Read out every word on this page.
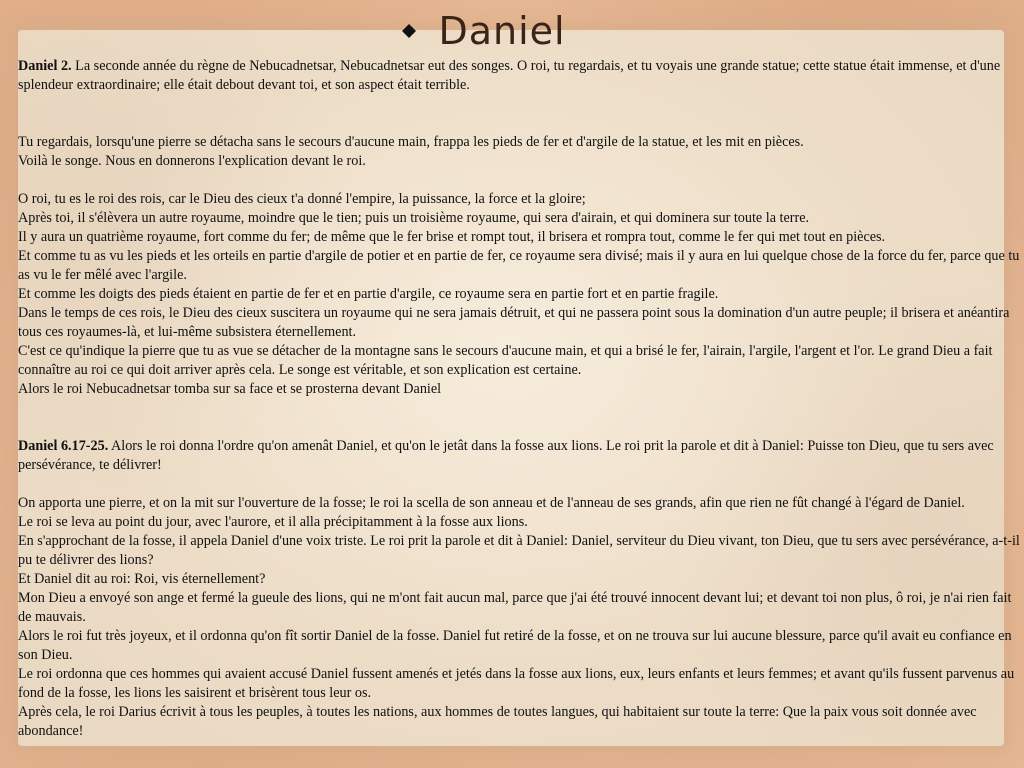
Daniel

Daniel 2. La seconde année du règne de Nebucadnetsar, Nebucadnetsar eut des songes. O roi, tu regardais, et tu voyais une grande statue; cette statue était immense, et d'une splendeur extraordinaire; elle était debout devant toi, et son aspect était terrible.

Tu regardais, lorsqu'une pierre se détacha sans le secours d'aucune main, frappa les pieds de fer et d'argile de la statue, et les mit en pièces.

Voilà le songe. Nous en donnerons l'explication devant le roi.

O roi, tu es le roi des rois, car le Dieu des cieux t'a donné l'empire, la puissance, la force et la gloire;

Après toi, il s'élèvera un autre royaume, moindre que le tien; puis un troisième royaume, qui sera d'airain, et qui dominera sur toute la terre.

Il y aura un quatrième royaume, fort comme du fer; de même que le fer brise et rompt tout, il brisera et rompra tout, comme le fer qui met tout en pièces.

Et comme tu as vu les pieds et les orteils en partie d'argile de potier et en partie de fer, ce royaume sera divisé; mais il y aura en lui quelque chose de la force du fer, parce que tu as vu le fer mêlé avec l'argile.

Et comme les doigts des pieds étaient en partie de fer et en partie d'argile, ce royaume sera en partie fort et en partie fragile.

Dans le temps de ces rois, le Dieu des cieux suscitera un royaume qui ne sera jamais détruit, et qui ne passera point sous la domination d'un autre peuple; il brisera et anéantira tous ces royaumes-là, et lui-même subsistera éternellement.

C'est ce qu'indique la pierre que tu as vue se détacher de la montagne sans le secours d'aucune main, et qui a brisé le fer, l'airain, l'argile, l'argent et l'or. Le grand Dieu a fait connaître au roi ce qui doit arriver après cela. Le songe est véritable, et son explication est certaine.

Alors le roi Nebucadnetsar tomba sur sa face et se prosterna devant Daniel

Daniel 6.17-25. Alors le roi donna l'ordre qu'on amenât Daniel, et qu'on le jetât dans la fosse aux lions. Le roi prit la parole et dit à Daniel: Puisse ton Dieu, que tu sers avec persévérance, te délivrer!

On apporta une pierre, et on la mit sur l'ouverture de la fosse; le roi la scella de son anneau et de l'anneau de ses grands, afin que rien ne fût changé à l'égard de Daniel.

Le roi se leva au point du jour, avec l'aurore, et il alla précipitamment à la fosse aux lions.

En s'approchant de la fosse, il appela Daniel d'une voix triste. Le roi prit la parole et dit à Daniel: Daniel, serviteur du Dieu vivant, ton Dieu, que tu sers avec persévérance, a-t-il pu te délivrer des lions?

Et Daniel dit au roi: Roi, vis éternellement?

Mon Dieu a envoyé son ange et fermé la gueule des lions, qui ne m'ont fait aucun mal, parce que j'ai été trouvé innocent devant lui; et devant toi non plus, ô roi, je n'ai rien fait de mauvais.

Alors le roi fut très joyeux, et il ordonna qu'on fît sortir Daniel de la fosse. Daniel fut retiré de la fosse, et on ne trouva sur lui aucune blessure, parce qu'il avait eu confiance en son Dieu.

Le roi ordonna que ces hommes qui avaient accusé Daniel fussent amenés et jetés dans la fosse aux lions, eux, leurs enfants et leurs femmes; et avant qu'ils fussent parvenus au fond de la fosse, les lions les saisirent et brisèrent tous leur os.

Après cela, le roi Darius écrivit à tous les peuples, à toutes les nations, aux hommes de toutes langues, qui habitaient sur toute la terre: Que la paix vous soit donnée avec abondance!
